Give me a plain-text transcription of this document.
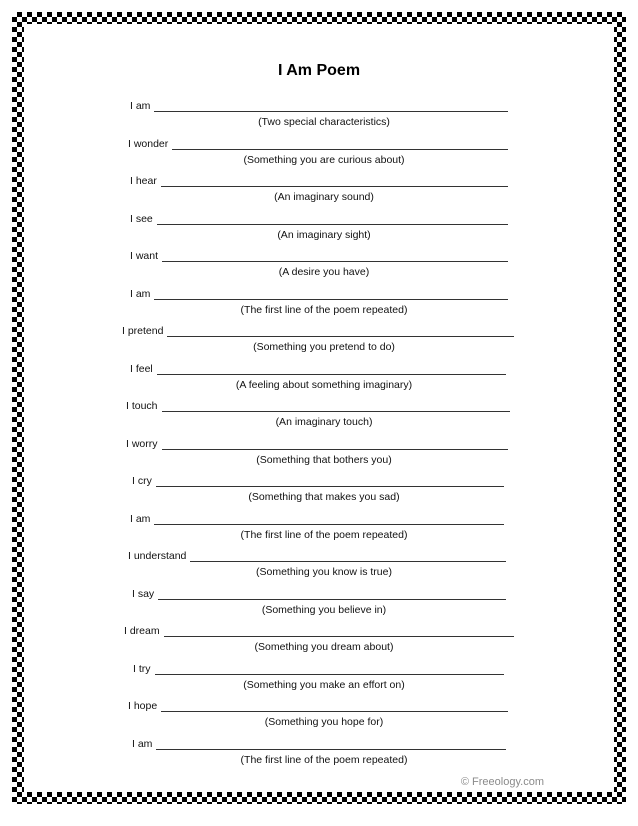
I Am Poem
I am
(Two special characteristics)
I wonder
(Something you are curious about)
I hear
(An imaginary sound)
I see
(An imaginary sight)
I want
(A desire you have)
I am
(The first line of the poem repeated)
I pretend
(Something you pretend to do)
I feel
(A feeling about something imaginary)
I touch
(An imaginary touch)
I worry
(Something that bothers you)
I cry
(Something that makes you sad)
I am
(The first line of the poem repeated)
I understand
(Something you know is true)
I say
(Something you believe in)
I dream
(Something you dream about)
I try
(Something you make an effort on)
I hope
(Something you hope for)
I am
(The first line of the poem repeated)
© Freeology.com
